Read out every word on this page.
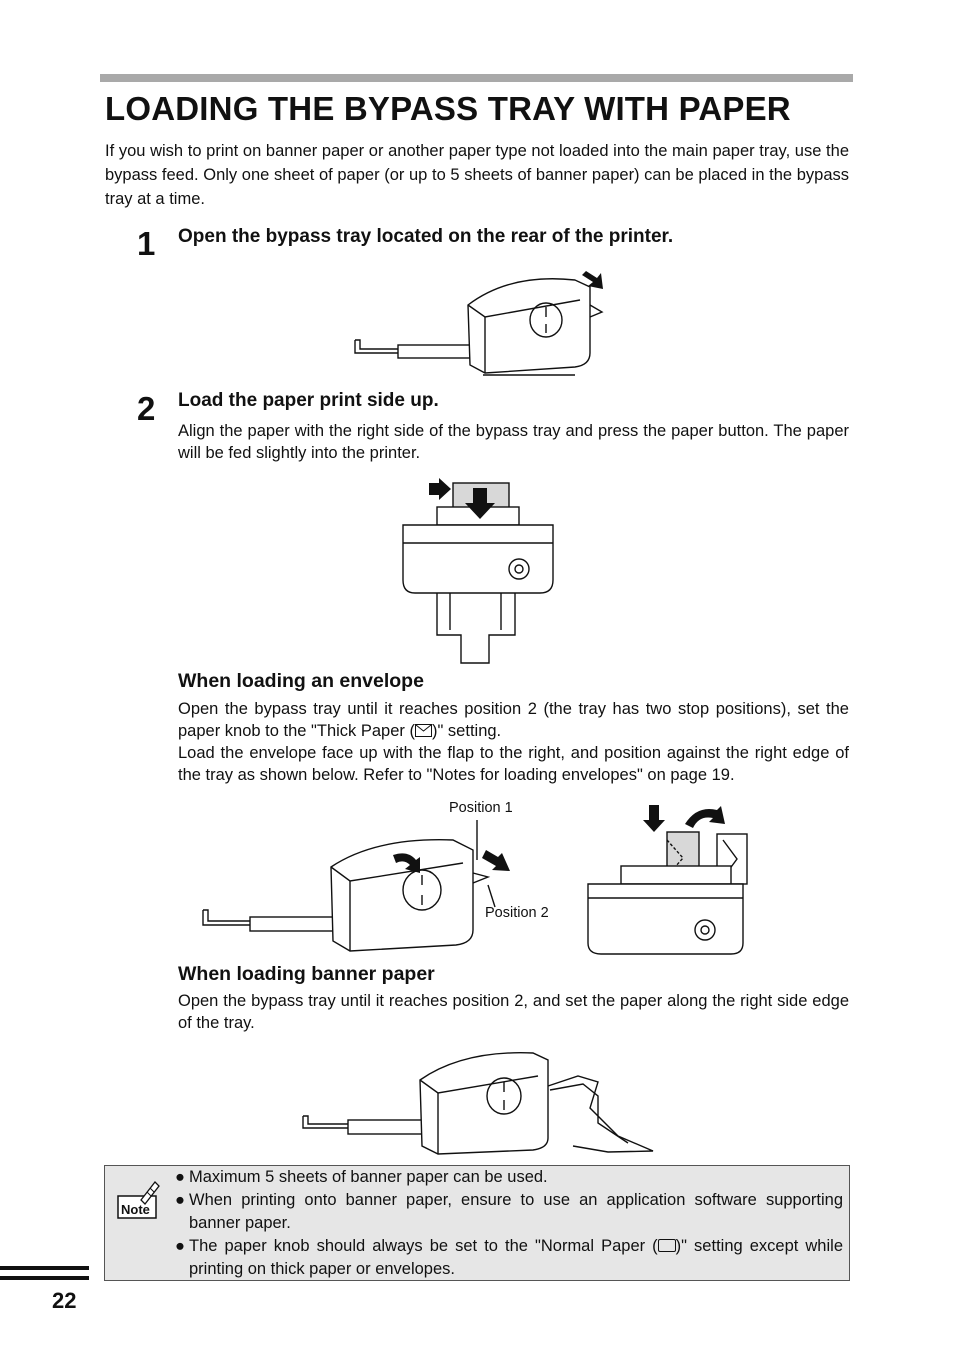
LOADING THE BYPASS TRAY WITH PAPER

If you wish to print on banner paper or another paper type not loaded into the main paper tray, use the bypass feed. Only one sheet of paper (or up to 5 sheets of banner paper) can be placed in the bypass tray at a time.

1 Open the bypass tray located on the rear of the printer.
2 Load the paper print side up.

Align the paper with the right side of the bypass tray and press the paper button. The paper will be fed slightly into the printer.

When loading an envelope

Open the bypass tray until it reaches position 2 (the tray has two stop positions), set the paper knob to the "Thick Paper ( )" setting.

Load the envelope face up with the flap to the right, and position against the right edge of the tray as shown below. Refer to "Notes for loading envelopes" on page 19.

Position 1
Position 2
When loading banner paper

Open the bypass tray until it reaches position 2, and set the paper along the right side edge of the tray.

Note
● Maximum 5 sheets of banner paper can be used.
● When printing onto banner paper, ensure to use an application software supporting banner paper.
● The paper knob should always be set to the "Normal Paper ( )" setting except while printing on thick paper or envelopes.
22
